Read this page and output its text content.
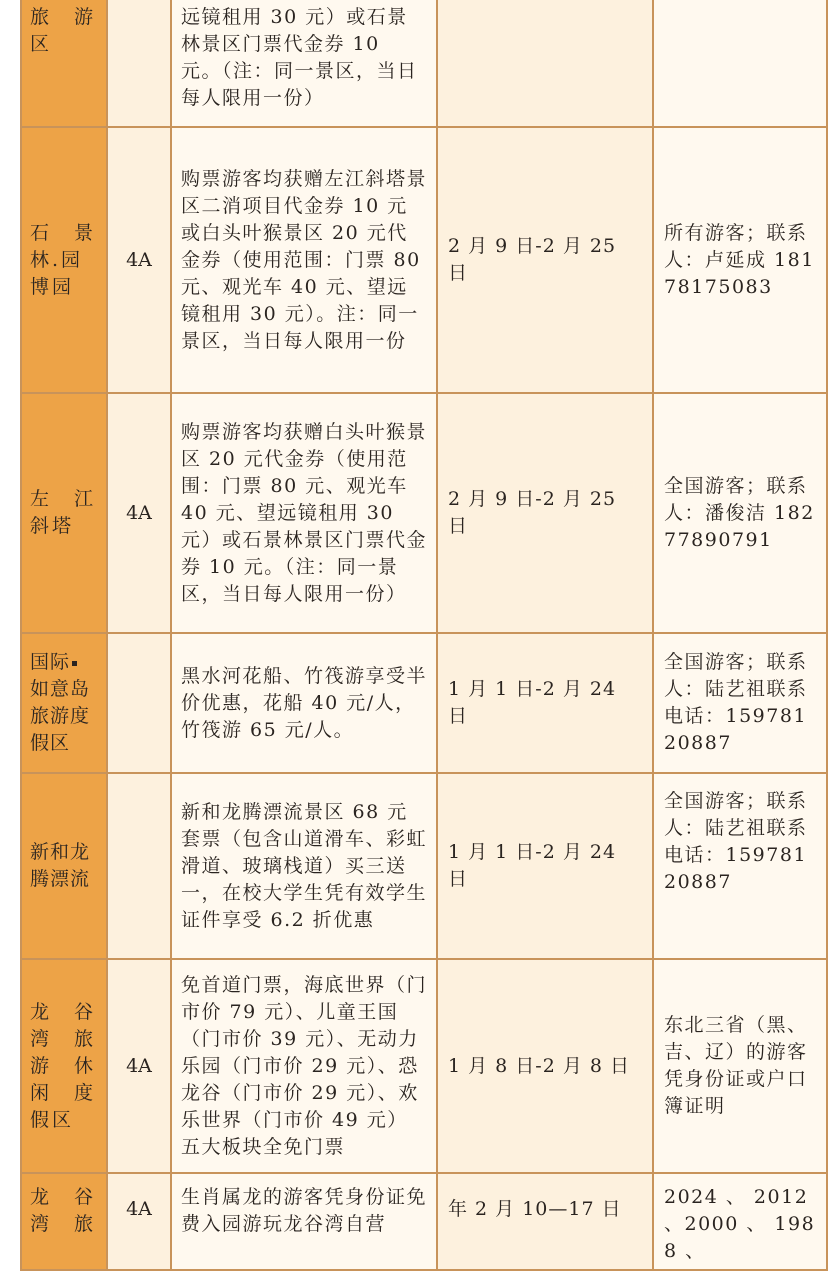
旅　游区		远镜租用 30 元）或石景林景区门票代金券 10 元。（注：同一景区，当日每人限用一份）		
石　景林.园博园	4A	购票游客均获赠左江斜塔景区二消项目代金券 10 元或白头叶猴景区 20 元代金券（使用范围：门票 80 元、观光车 40 元、望远镜租用 30 元）。注：同一景区，当日每人限用一份	2 月 9 日-2 月 25 日	所有游客；联系人：卢延成 18178175083
左　江斜塔	4A	购票游客均获赠白头叶猴景区 20 元代金券（使用范围：门票 80 元、观光车 40 元、望远镜租用 30 元）或石景林景区门票代金券 10 元。（注：同一景区，当日每人限用一份）	2 月 9 日-2 月 25 日	全国游客；联系人：潘俊洁 18277890791
国际如意岛旅游度假区		黑水河花船、竹筏游享受半价优惠，花船 40 元/人，竹筏游 65 元/人。	1 月 1 日-2 月 24 日	全国游客；联系人：陆艺祖联系电话：15978120887
新和龙腾漂流		新和龙腾漂流景区 68 元套票（包含山道滑车、彩虹滑道、玻璃栈道）买三送一，在校大学生凭有效学生证件享受 6.2 折优惠	1 月 1 日-2 月 24 日	全国游客；联系人：陆艺祖联系电话：15978120887
龙　谷湾　旅游　休闲　度假区	4A	免首道门票，海底世界（门市价 79 元）、儿童王国（门市价 39 元）、无动力乐园（门市价 29 元）、恐龙谷（门市价 29 元）、欢乐世界（门市价 49 元）五大板块全免门票	1 月 8 日-2 月 8 日	东北三省（黑、吉、辽）的游客凭身份证或户口簿证明
龙　谷湾　旅	4A	生肖属龙的游客凭身份证免费入园游玩龙谷湾自营	年 2 月 10—17 日	2024 、 2012 、2000 、 1988 、
